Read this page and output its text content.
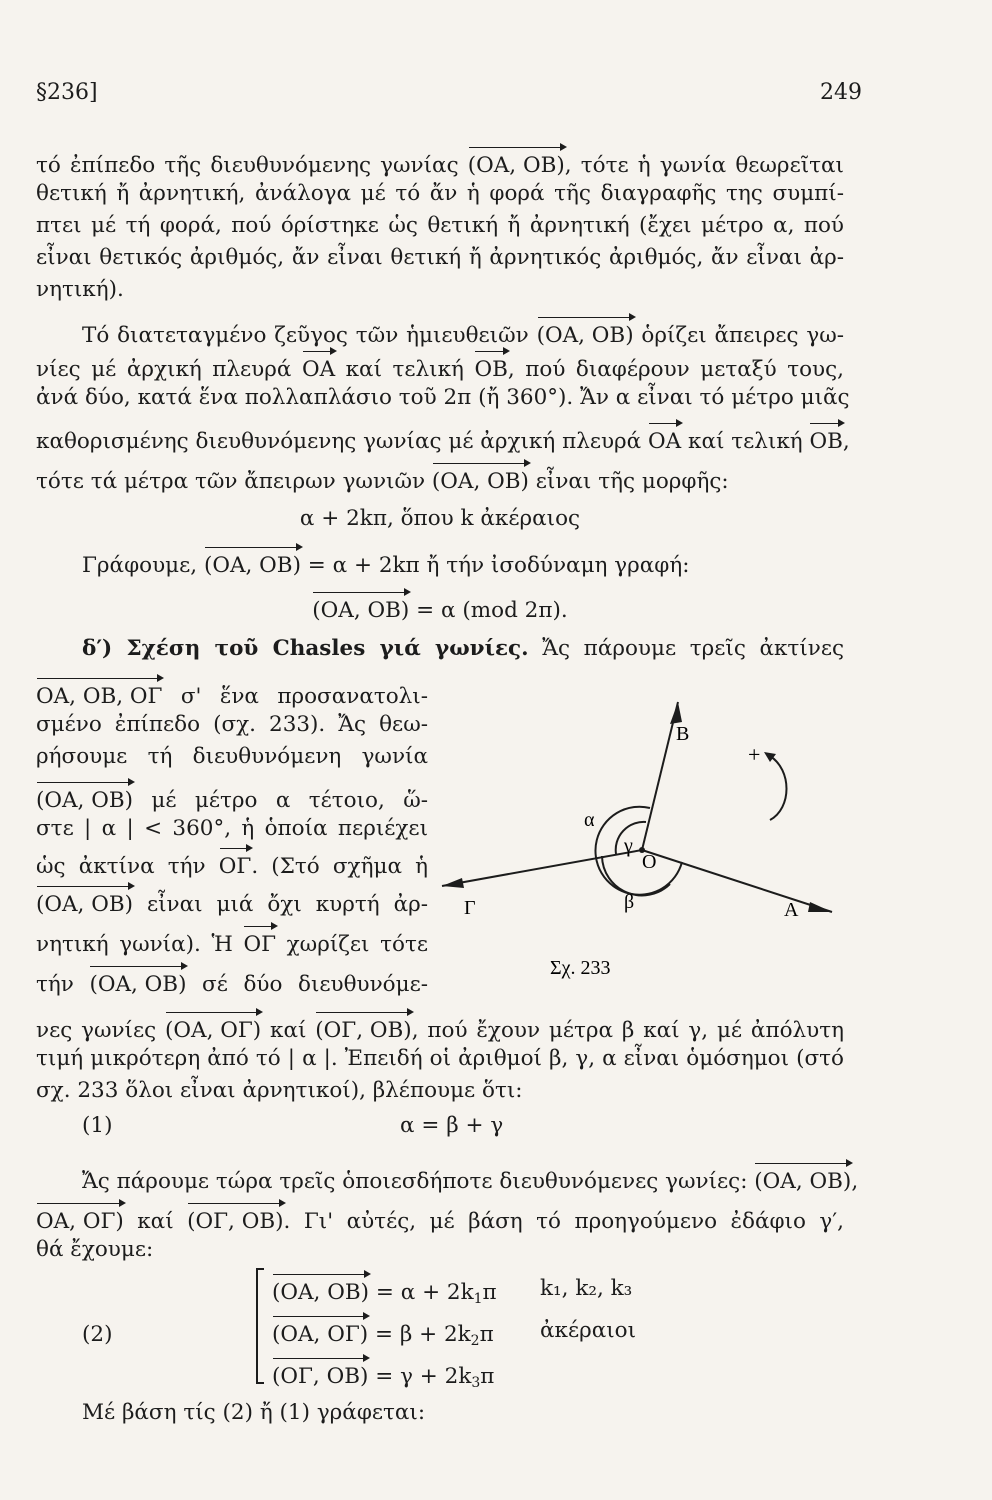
§236]	249
τό ἐπίπεδο τῆς διευθυνόμενης γωνίας (ΟΑ, ΟΒ), τότε ἡ γωνία θεωρεῖται
θετική ἤ ἀρνητική, ἀνάλογα μέ τό ἄν ἡ φορά τῆς διαγραφῆς της συμπί-
πτει μέ τή φορά, πού όρίστηκε ὡς θετική ἤ ἀρνητική (ἔχει μέτρο α, πού
εἶναι θετικός ἀριθμός, ἄν εἶναι θετική ἤ ἀρνητικός ἀριθμός, ἄν εἶναι ἀρ-
νητική).
Τό διατεταγμένο ζεῦγος τῶν ἡμιευθειῶν (ΟΑ, ΟΒ) ὁρίζει ἄπειρες γω-
νίες μέ ἀρχική πλευρά ΟΑ καί τελική ΟΒ, πού διαφέρουν μεταξύ τους,
ἀνά δύο, κατά ἕνα πολλαπλάσιο τοῦ 2π (ἤ 360°). Ἄν α εἶναι τό μέτρο μιᾶς
καθορισμένης διευθυνόμενης γωνίας μέ ἀρχική πλευρά ΟΑ καί τελική ΟΒ,
τότε τά μέτρα τῶν ἄπειρων γωνιῶν (ΟΑ, ΟΒ) εἶναι τῆς μορφῆς:
α + 2kπ, ὅπου k ἀκέραιος
Γράφουμε, (ΟΑ, ΟΒ) = α + 2kπ ἤ τήν ἰσοδύναμη γραφή:
(ΟΑ, ΟΒ) = α (mod 2π).
δ′) Σχέση τοῦ Chasles γιά γωνίες. Ἄς πάρουμε τρεῖς ἀκτίνες
ΟΑ, ΟΒ, ΟΓ σ' ἕνα προσανατολι-
σμένο ἐπίπεδο (σχ. 233). Ἄς θεω-
ρήσουμε τή διευθυνόμενη γωνία
(ΟΑ, ΟΒ) μέ μέτρο α τέτοιο, ὥ-
στε | α | < 360°, ἡ ὁποία περιέχει
ὡς ἀκτίνα τήν ΟΓ. (Στό σχῆμα ἡ
(ΟΑ, ΟΒ) εἶναι μιά ὄχι κυρτή ἀρ-
νητική γωνία). Ἡ ΟΓ χωρίζει τότε
τήν (ΟΑ, ΟΒ) σέ δύο διευθυνόμε-
B
A
Γ
O
α
β
γ
+
Σχ. 233
νες γωνίες (ΟΑ, ΟΓ) καί (ΟΓ, ΟΒ), πού ἔχουν μέτρα β καί γ, μέ ἀπόλυτη
τιμή μικρότερη ἀπό τό | α |. Ἐπειδή οἱ ἀριθμοί β, γ, α εἶναι ὁμόσημοι (στό
σχ. 233 ὅλοι εἶναι ἀρνητικοί), βλέπουμε ὅτι:
(1)	α = β + γ
Ἄς πάρουμε τώρα τρεῖς ὁποιεσδήποτε διευθυνόμενες γωνίες: (ΟΑ, ΟΒ),
ΟΑ, ΟΓ) καί (ΟΓ, ΟΒ). Γι' αὐτές, μέ βάση τό προηγούμενο ἐδάφιο γ′,
θά ἔχουμε:
(2)
(ΟΑ, $OB) = \alpha + 2k_1\pi$ k₁, k₂, k₃
(ΟΑ, $O\Gamma) = \beta + 2k_2\pi$ ἀκέραιοι
(ΟΓ, $OB) = \gamma + 2k_3\pi$
Μέ βάση τίς (2) ἤ (1) γράφεται:
